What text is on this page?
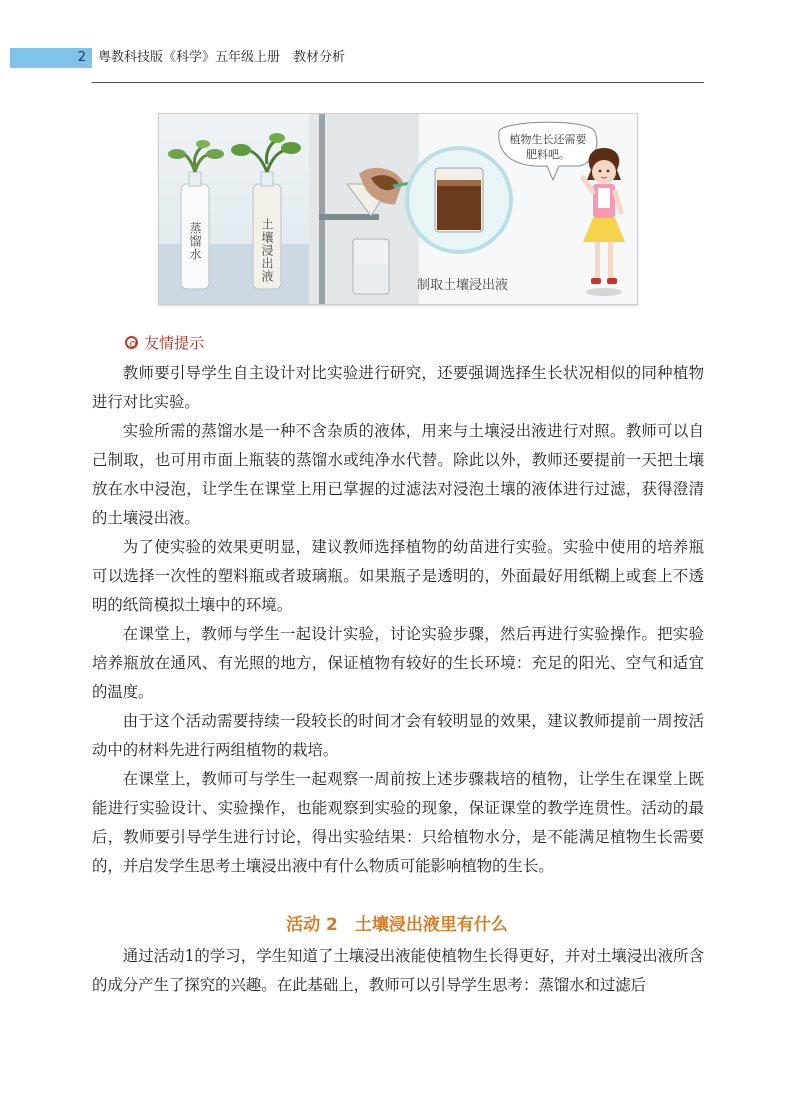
2 粤教科技版《科学》五年级上册　教材分析
蒸馏水	土壤浸出液
制取土壤浸出液
植物生长还需要肥料吧。
友情提示

教师要引导学生自主设计对比实验进行研究，还要强调选择生长状况相似的同种植物进行对比实验。

实验所需的蒸馏水是一种不含杂质的液体，用来与土壤浸出液进行对照。教师可以自己制取，也可用市面上瓶装的蒸馏水或纯净水代替。除此以外，教师还要提前一天把土壤放在水中浸泡，让学生在课堂上用已掌握的过滤法对浸泡土壤的液体进行过滤，获得澄清的土壤浸出液。

为了使实验的效果更明显，建议教师选择植物的幼苗进行实验。实验中使用的培养瓶可以选择一次性的塑料瓶或者玻璃瓶。如果瓶子是透明的，外面最好用纸糊上或套上不透明的纸筒模拟土壤中的环境。

在课堂上，教师与学生一起设计实验，讨论实验步骤，然后再进行实验操作。把实验培养瓶放在通风、有光照的地方，保证植物有较好的生长环境：充足的阳光、空气和适宜的温度。

由于这个活动需要持续一段较长的时间才会有较明显的效果，建议教师提前一周按活动中的材料先进行两组植物的栽培。

在课堂上，教师可与学生一起观察一周前按上述步骤栽培的植物，让学生在课堂上既能进行实验设计、实验操作，也能观察到实验的现象，保证课堂的教学连贯性。活动的最后，教师要引导学生进行讨论，得出实验结果：只给植物水分，是不能满足植物生长需要的，并启发学生思考土壤浸出液中有什么物质可能影响植物的生长。

活动 2　土壤浸出液里有什么

通过活动1的学习，学生知道了土壤浸出液能使植物生长得更好，并对土壤浸出液所含的成分产生了探究的兴趣。在此基础上，教师可以引导学生思考：蒸馏水和过滤后
